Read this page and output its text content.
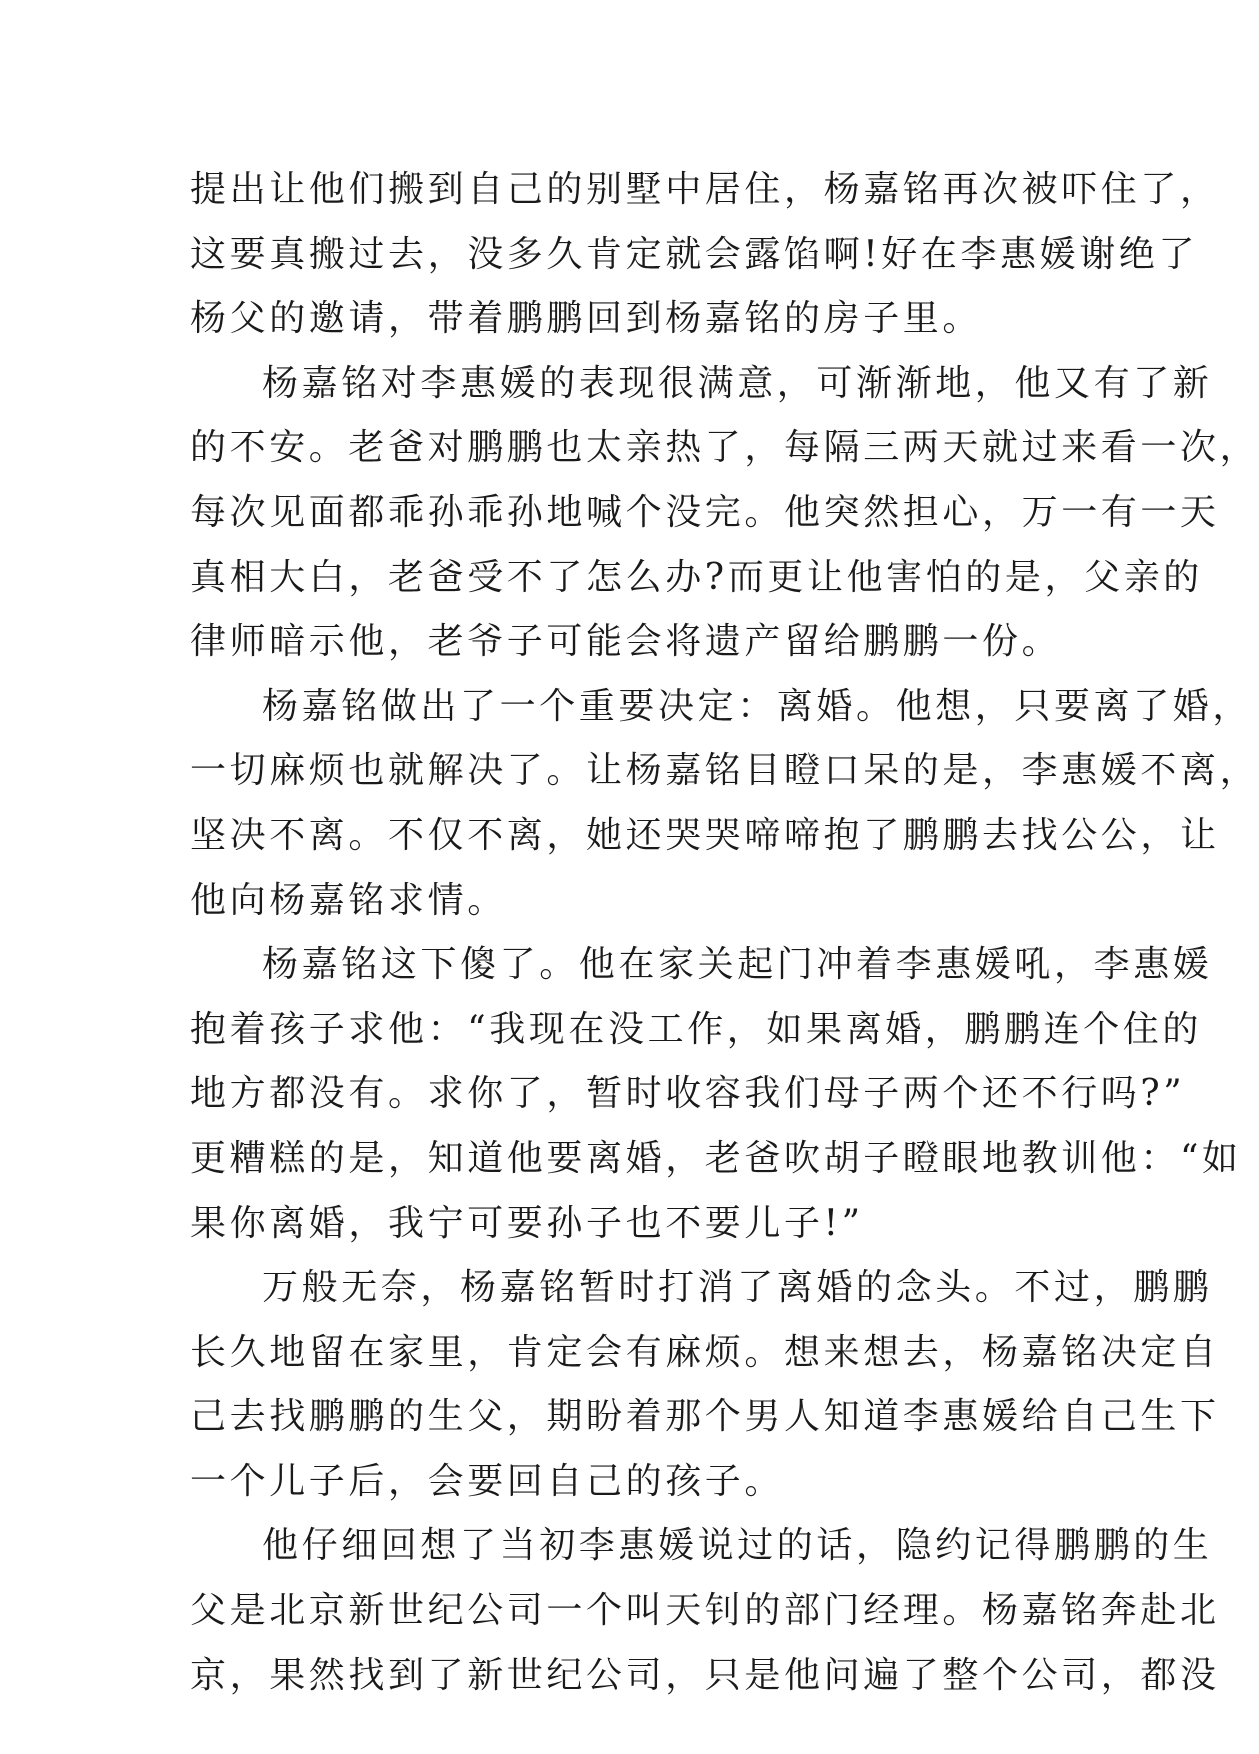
提出让他们搬到自己的别墅中居住，杨嘉铭再次被吓住了，
这要真搬过去，没多久肯定就会露馅啊!好在李惠媛谢绝了
杨父的邀请，带着鹏鹏回到杨嘉铭的房子里。
杨嘉铭对李惠媛的表现很满意，可渐渐地，他又有了新
的不安。老爸对鹏鹏也太亲热了，每隔三两天就过来看一次，
每次见面都乖孙乖孙地喊个没完。他突然担心，万一有一天
真相大白，老爸受不了怎么办?而更让他害怕的是，父亲的
律师暗示他，老爷子可能会将遗产留给鹏鹏一份。
杨嘉铭做出了一个重要决定：离婚。他想，只要离了婚，
一切麻烦也就解决了。让杨嘉铭目瞪口呆的是，李惠媛不离，
坚决不离。不仅不离，她还哭哭啼啼抱了鹏鹏去找公公，让
他向杨嘉铭求情。
杨嘉铭这下傻了。他在家关起门冲着李惠媛吼，李惠媛
抱着孩子求他：“我现在没工作，如果离婚，鹏鹏连个住的
地方都没有。求你了，暂时收容我们母子两个还不行吗?”
更糟糕的是，知道他要离婚，老爸吹胡子瞪眼地教训他：“如
果你离婚，我宁可要孙子也不要儿子!”
万般无奈，杨嘉铭暂时打消了离婚的念头。不过，鹏鹏
长久地留在家里，肯定会有麻烦。想来想去，杨嘉铭决定自
己去找鹏鹏的生父，期盼着那个男人知道李惠媛给自己生下
一个儿子后，会要回自己的孩子。
他仔细回想了当初李惠媛说过的话，隐约记得鹏鹏的生
父是北京新世纪公司一个叫天钊的部门经理。杨嘉铭奔赴北
京，果然找到了新世纪公司，只是他问遍了整个公司，都没
